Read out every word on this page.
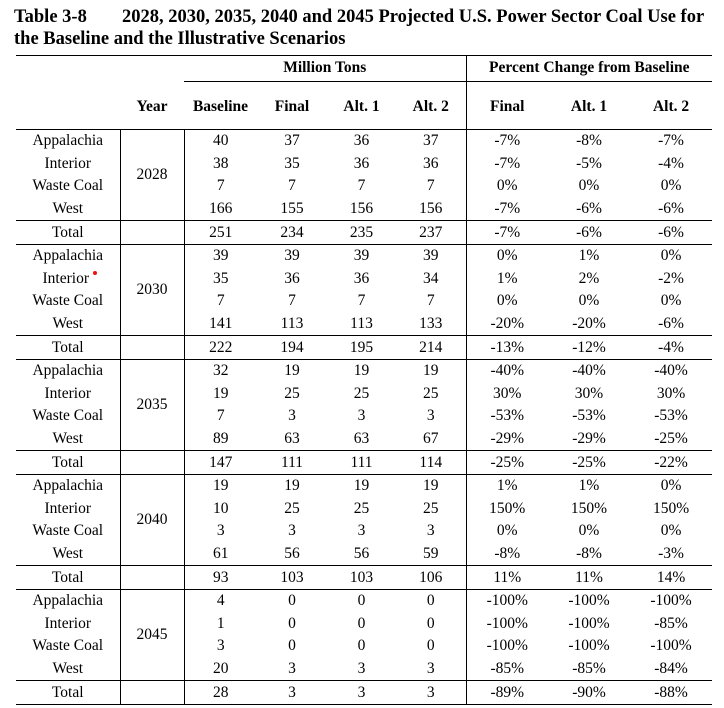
Table 3-8 2028, 2030, 2035, 2040 and 2045 Projected U.S. Power Sector Coal Use for
the Baseline and the Illustrative Scenarios

		Million Tons				Percent Change from Baseline		

	Year	Baseline	Final	Alt. 1	Alt. 2	Final	Alt. 1	Alt. 2
Appalachia	2028	40	37	36	37	-7%	-8%	-7%
Interior		38	35	36	36	-7%	-5%	-4%
Waste Coal		7	7	7	7	0%	0%	0%
West		166	155	156	156	-7%	-6%	-6%
Total		251	234	235	237	-7%	-6%	-6%
Appalachia	2030	39	39	39	39	0%	1%	0%
Interior		35	36	36	34	1%	2%	-2%
Waste Coal		7	7	7	7	0%	0%	0%
West		141	113	113	133	-20%	-20%	-6%
Total		222	194	195	214	-13%	-12%	-4%
Appalachia	2035	32	19	19	19	-40%	-40%	-40%
Interior		19	25	25	25	30%	30%	30%
Waste Coal		7	3	3	3	-53%	-53%	-53%
West		89	63	63	67	-29%	-29%	-25%
Total		147	111	111	114	-25%	-25%	-22%
Appalachia	2040	19	19	19	19	1%	1%	0%
Interior		10	25	25	25	150%	150%	150%
Waste Coal		3	3	3	3	0%	0%	0%
West		61	56	56	59	-8%	-8%	-3%
Total		93	103	103	106	11%	11%	14%
Appalachia	2045	4	0	0	0	-100%	-100%	-100%
Interior		1	0	0	0	-100%	-100%	-85%
Waste Coal		3	0	0	0	-100%	-100%	-100%
West		20	3	3	3	-85%	-85%	-84%
Total		28	3	3	3	-89%	-90%	-88%
